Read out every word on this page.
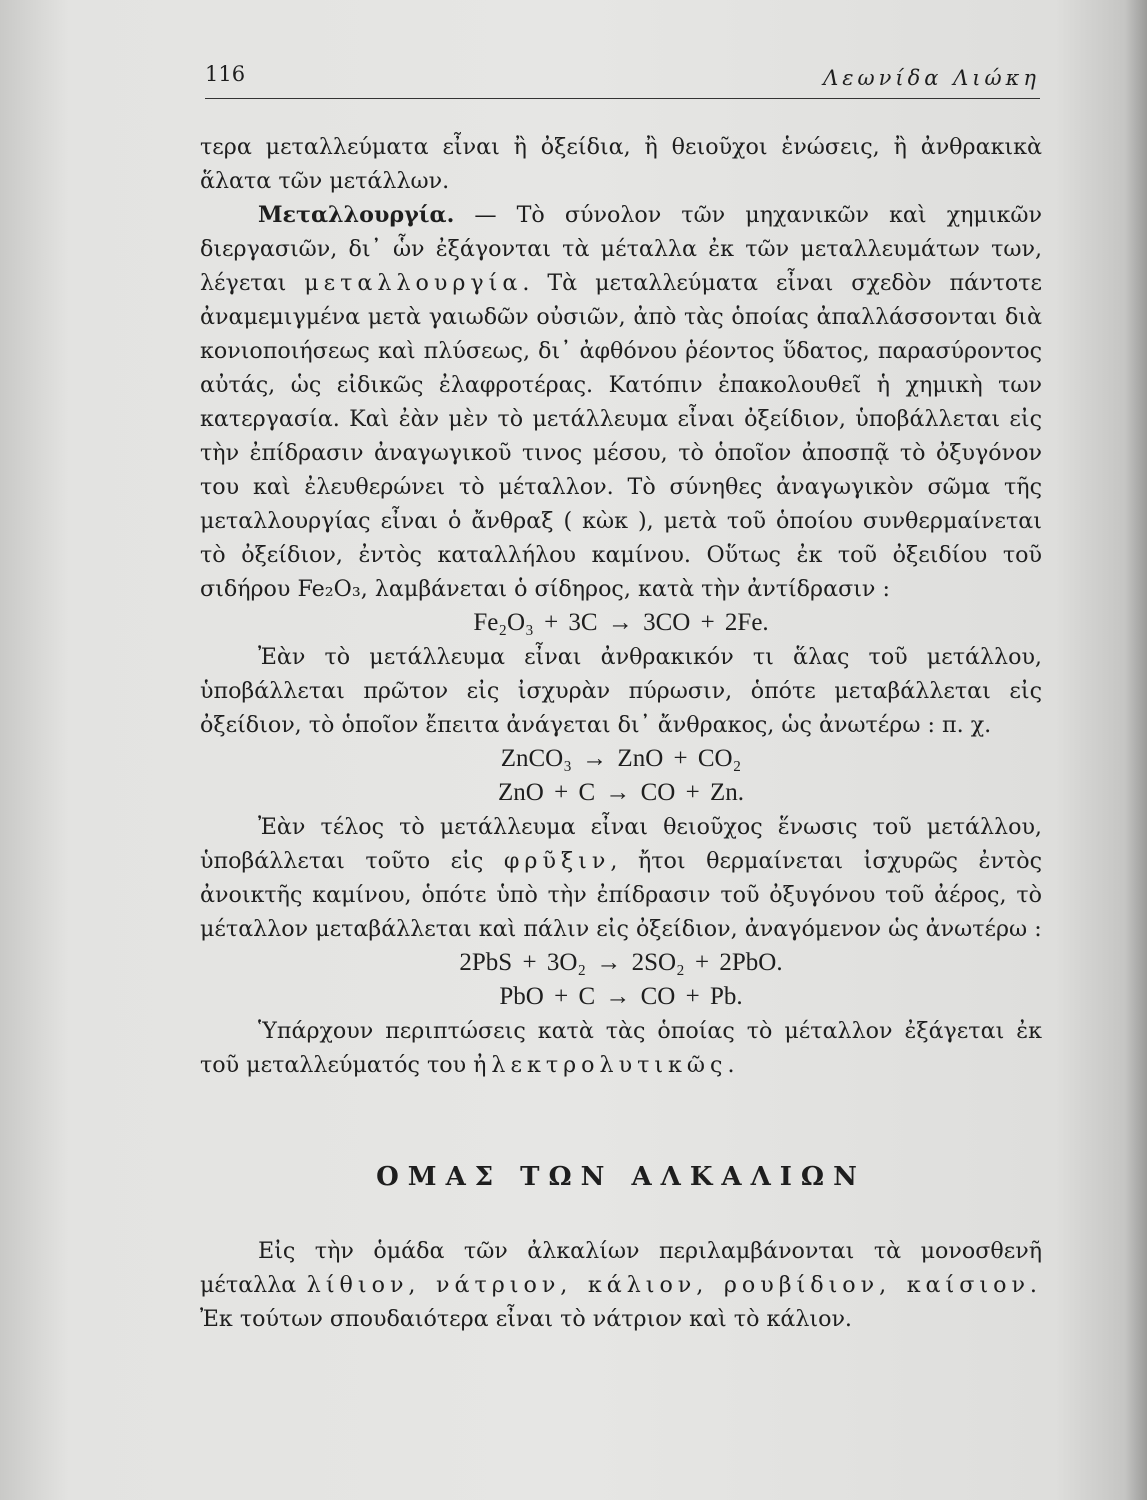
116	Λεωνίδα Λιώκη

τερα μεταλλεύματα εἶναι ἢ ὀξείδια, ἢ θειοῦχοι ἑνώσεις, ἢ ἀνθρακικὰ ἅλατα τῶν μετάλλων.

Μεταλλουργία. — Τὸ σύνολον τῶν μηχανικῶν καὶ χημικῶν διεργασιῶν, δι᾿ ὧν ἐξάγονται τὰ μέταλλα ἐκ τῶν μεταλλευμάτων των, λέγεται μεταλλουργία. Τὰ μεταλλεύματα εἶναι σχεδὸν πάντοτε ἀναμεμιγμένα μετὰ γαιωδῶν οὐσιῶν, ἀπὸ τὰς ὁποίας ἀπαλλάσσονται διὰ κονιοποιήσεως καὶ πλύσεως, δι᾿ ἀφθόνου ῥέοντος ὕδατος, παρασύροντος αὐτάς, ὡς εἰδικῶς ἐλαφροτέρας. Κατόπιν ἐπακολουθεῖ ἡ χημικὴ των κατεργασία. Καὶ ἐὰν μὲν τὸ μετάλλευμα εἶναι ὀξείδιον, ὑποβάλλεται εἰς τὴν ἐπίδρασιν ἀναγωγικοῦ τινος μέσου, τὸ ὁποῖον ἀποσπᾷ τὸ ὀξυγόνον του καὶ ἐλευθερώνει τὸ μέταλλον. Τὸ σύνηθες ἀναγωγικὸν σῶμα τῆς μεταλλουργίας εἶναι ὁ ἄνθραξ ( κὼκ ), μετὰ τοῦ ὁποίου συνθερμαίνεται τὸ ὀξείδιον, ἐντὸς καταλλήλου καμίνου. Οὕτως ἐκ τοῦ ὀξειδίου τοῦ σιδήρου Fe₂O₃, λαμβάνεται ὁ σίδηρος, κατὰ τὴν ἀντίδρασιν :

Fe₂O₃ + 3C → 3CO + 2Fe.

Ἐὰν τὸ μετάλλευμα εἶναι ἀνθρακικόν τι ἅλας τοῦ μετάλλου, ὑποβάλλεται πρῶτον εἰς ἰσχυρὰν πύρωσιν, ὁπότε μεταβάλλεται εἰς ὀξείδιον, τὸ ὁποῖον ἔπειτα ἀνάγεται δι᾿ ἄνθρακος, ὡς ἀνωτέρω : π. χ.

ZnCO₃ → ZnO + CO₂

ZnO + C → CO + Zn.

Ἐὰν τέλος τὸ μετάλλευμα εἶναι θειοῦχος ἕνωσις τοῦ μετάλλου, ὑποβάλλεται τοῦτο εἰς φρῦξιν, ἤτοι θερμαίνεται ἰσχυρῶς ἐντὸς ἀνοικτῆς καμίνου, ὁπότε ὑπὸ τὴν ἐπίδρασιν τοῦ ὀξυγόνου τοῦ ἀέρος, τὸ μέταλλον μεταβάλλεται καὶ πάλιν εἰς ὀξείδιον, ἀναγόμενον ὡς ἀνωτέρω :

2PbS + 3O₂ → 2SO₂ + 2PbO.

PbO + C → CO + Pb.

Ὑπάρχουν περιπτώσεις κατὰ τὰς ὁποίας τὸ μέταλλον ἐξάγεται ἐκ τοῦ μεταλλεύματός του ἠλεκτρολυτικῶς.

ΟΜΑΣ ΤΩΝ ΑΛΚΑΛΙΩΝ

Εἰς τὴν ὁμάδα τῶν ἀλκαλίων περιλαμβάνονται τὰ μονοσθενῆ μέταλλα λίθιον, νάτριον, κάλιον, ρουβίδιον, καίσιον. Ἐκ τούτων σπουδαιότερα εἶναι τὸ νάτριον καὶ τὸ κάλιον.
